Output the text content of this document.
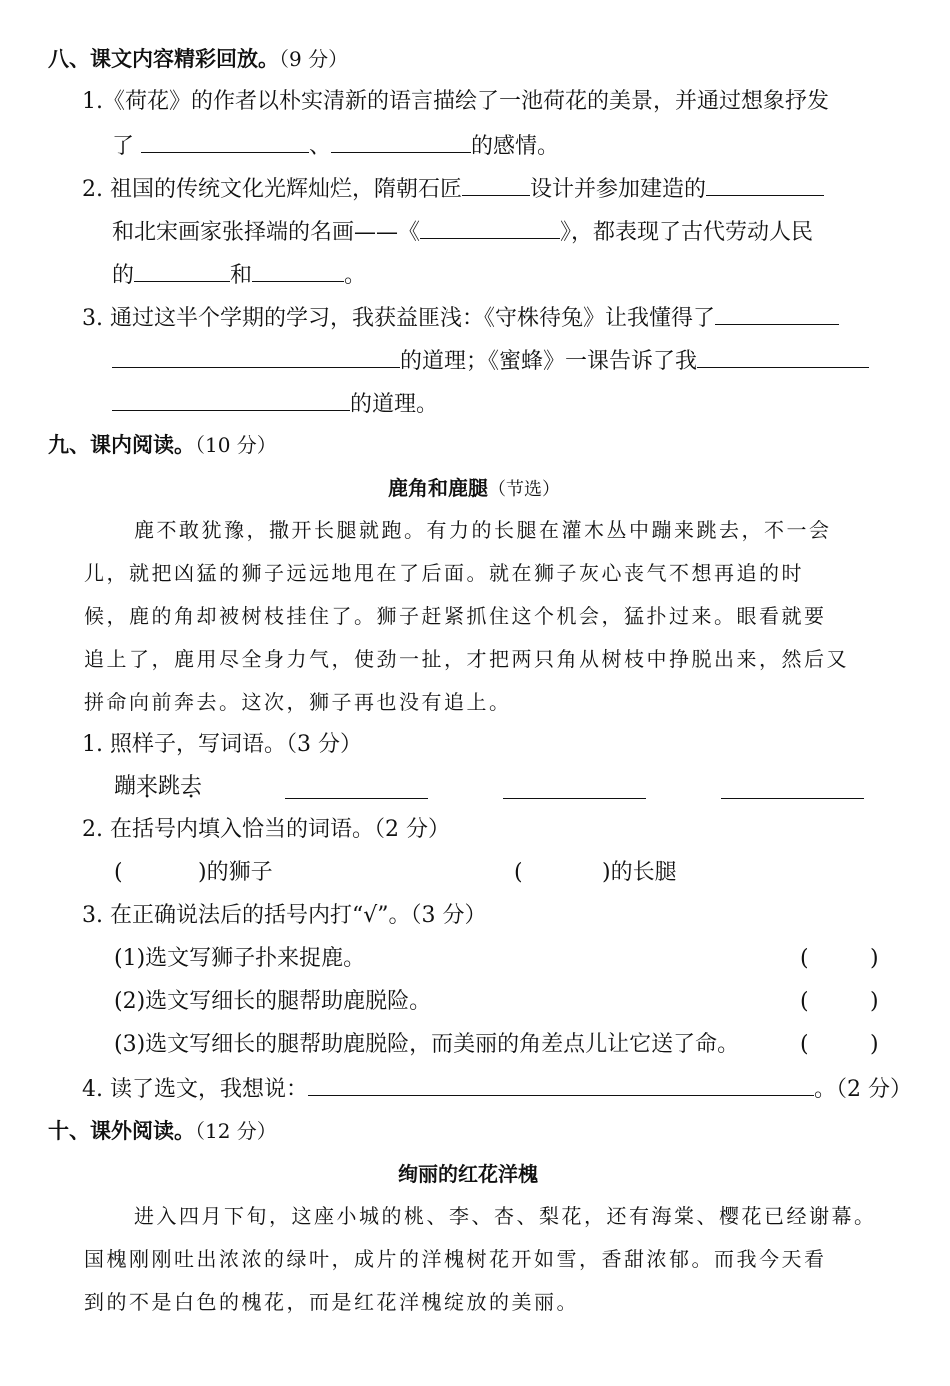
八、课文内容精彩回放。（9 分）
1.《荷花》的作者以朴实清新的语言描绘了一池荷花的美景，并通过想象抒发
了	、	的感情。
2. 祖国的传统文化光辉灿烂，隋朝石匠	设计并参加建造的
和北宋画家张择端的名画——《	》，都表现了古代劳动人民
的	和	。
3. 通过这半个学期的学习，我获益匪浅：《守株待兔》让我懂得了
的道理；《蜜蜂》一课告诉了我
的道理。
九、课内阅读。（10 分）
鹿角和鹿腿（节选）
鹿不敢犹豫，撒开长腿就跑。有力的长腿在灌木丛中蹦来跳去，不一会
儿，就把凶猛的狮子远远地甩在了后面。就在狮子灰心丧气不想再追的时
候，鹿的角却被树枝挂住了。狮子赶紧抓住这个机会，猛扑过来。眼看就要
追上了，鹿用尽全身力气，使劲一扯，才把两只角从树枝中挣脱出来，然后又
拼命向前奔去。这次，狮子再也没有追上。
1. 照样子，写词语。（3 分）
蹦来跳去
2. 在括号内填入恰当的词语。（2 分）
(	)的狮子	(	)的长腿
3. 在正确说法后的括号内打“√”。（3 分）
(1)选文写狮子扑来捉鹿。	(	)
(2)选文写细长的腿帮助鹿脱险。	(	)
(3)选文写细长的腿帮助鹿脱险，而美丽的角差点儿让它送了命。	(	)
4. 读了选文，我想说：	。（2 分）
十、课外阅读。（12 分）
绚丽的红花洋槐
进入四月下旬，这座小城的桃、李、杏、梨花，还有海棠、樱花已经谢幕。
国槐刚刚吐出浓浓的绿叶，成片的洋槐树花开如雪，香甜浓郁。而我今天看
到的不是白色的槐花，而是红花洋槐绽放的美丽。
